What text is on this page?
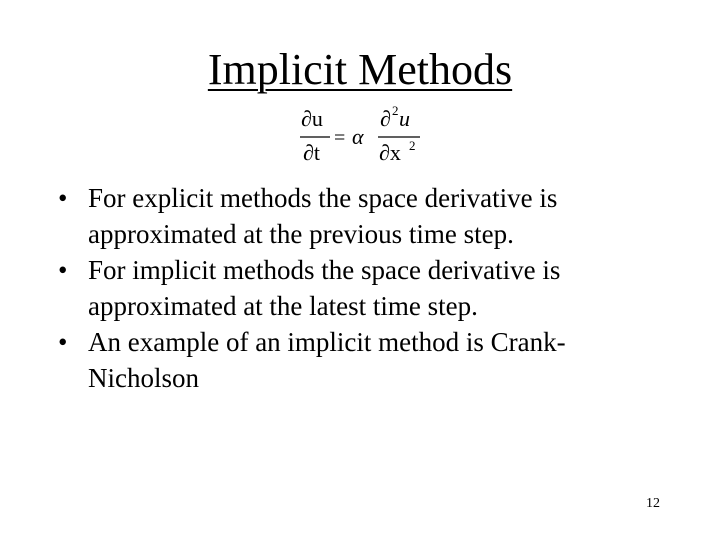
Implicit Methods
∂u
∂t
= α
∂ 2 u
∂x 2
• For explicit methods the space derivative is approximated at the previous time step.
• For implicit methods the space derivative is approximated at the latest time step.
• An example of an implicit method is Crank-Nicholson
12
